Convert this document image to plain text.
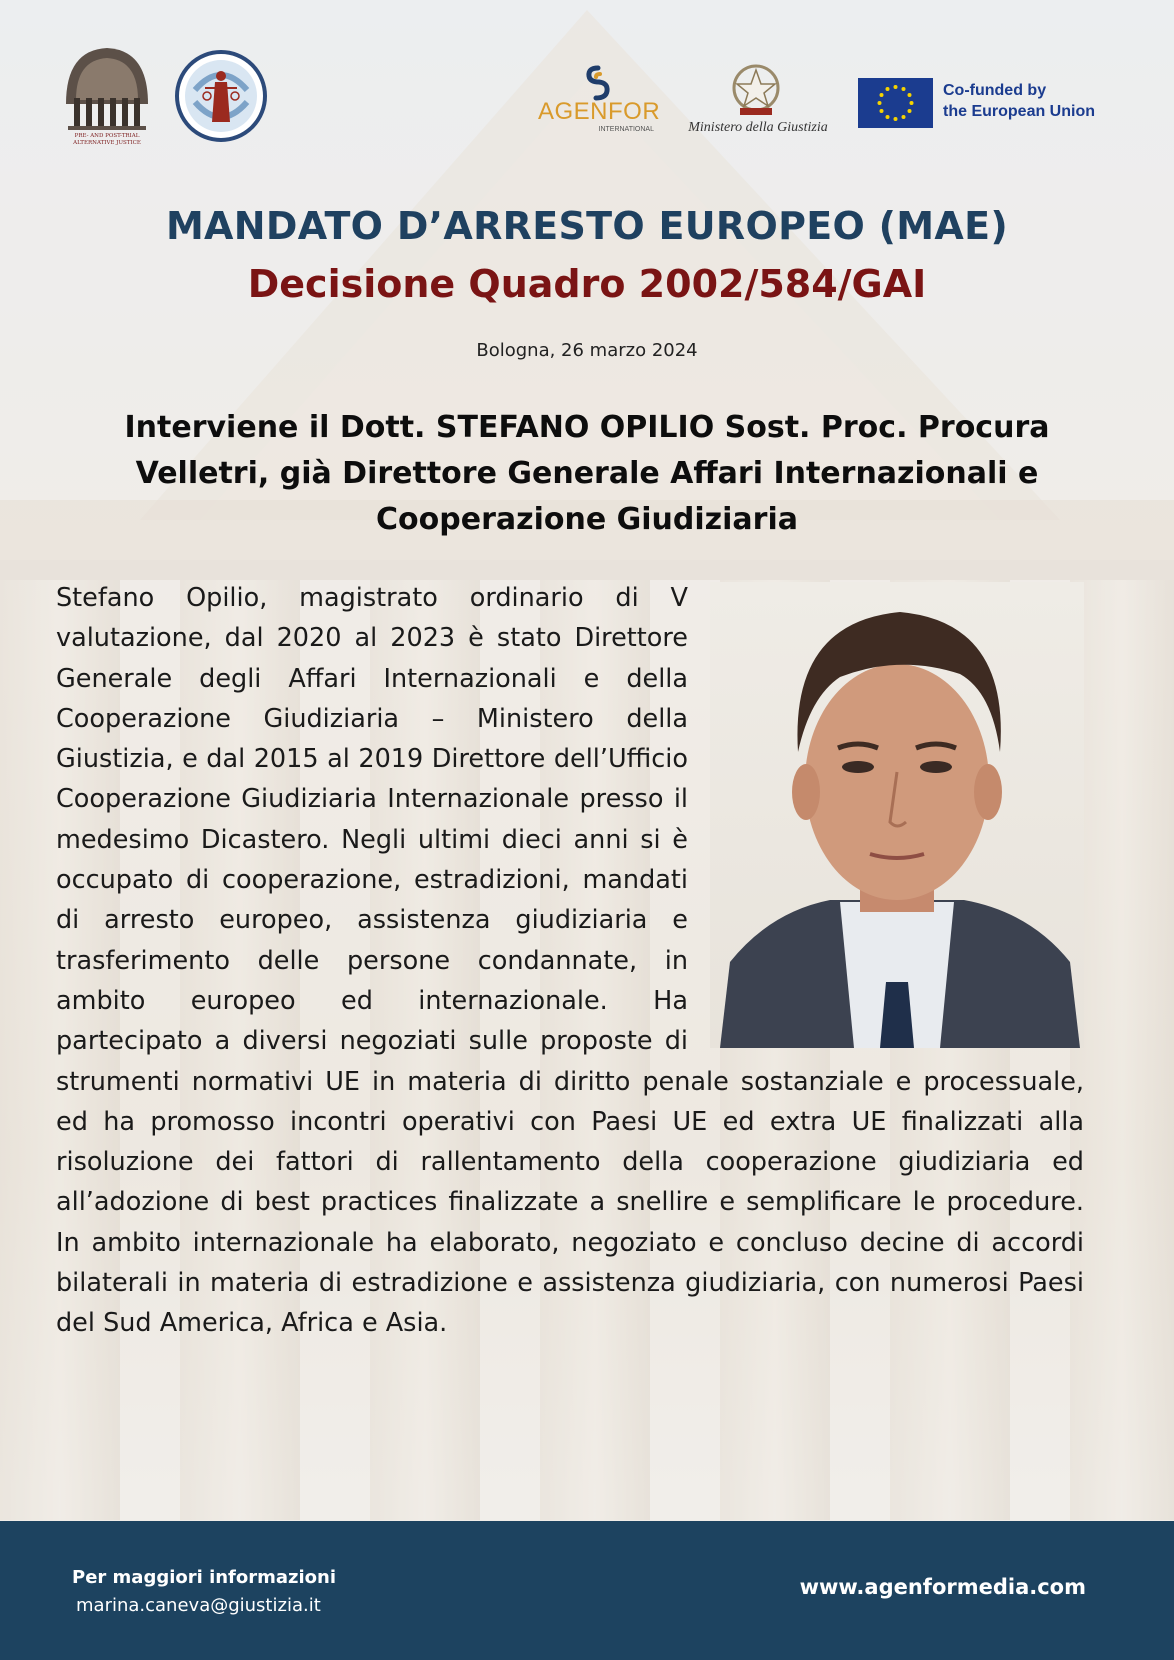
PRE- AND POST-TRIAL
ALTERNATIVE JUSTICE
AGENFOR
INTERNATIONAL Ministero della Giustizia
Co-funded by
the European Union
MANDATO D’ARRESTO EUROPEO (MAE)
Decisione Quadro 2002/584/GAI
Bologna, 26 marzo 2024
Interviene il Dott. STEFANO OPILIO Sost. Proc. Procura Velletri, già Direttore Generale Affari Internazionali e Cooperazione Giudiziaria
Stefano Opilio, magistrato ordinario di V valutazione, dal 2020 al 2023 è stato Direttore Generale degli Affari Internazionali e della Cooperazione Giudiziaria – Ministero della Giustizia, e dal 2015 al 2019 Direttore dell’Ufficio Cooperazione Giudiziaria Internazionale presso il medesimo Dicastero. Negli ultimi dieci anni si è occupato di cooperazione, estradizioni, mandati di arresto europeo, assistenza giudiziaria e trasferimento delle persone condannate, in ambito europeo ed internazionale. Ha partecipato a diversi negoziati sulle proposte di strumenti normativi UE in materia di diritto penale sostanziale e processuale, ed ha promosso incontri operativi con Paesi UE ed extra UE finalizzati alla risoluzione dei fattori di rallentamento della cooperazione giudiziaria ed all’adozione di best practices finalizzate a snellire e semplificare le procedure. In ambito internazionale ha elaborato, negoziato e concluso decine di accordi bilaterali in materia di estradizione e assistenza giudiziaria, con numerosi Paesi del Sud America, Africa e Asia.
Per maggiori informazioni
marina.caneva@giustizia.it
www.agenformedia.com
